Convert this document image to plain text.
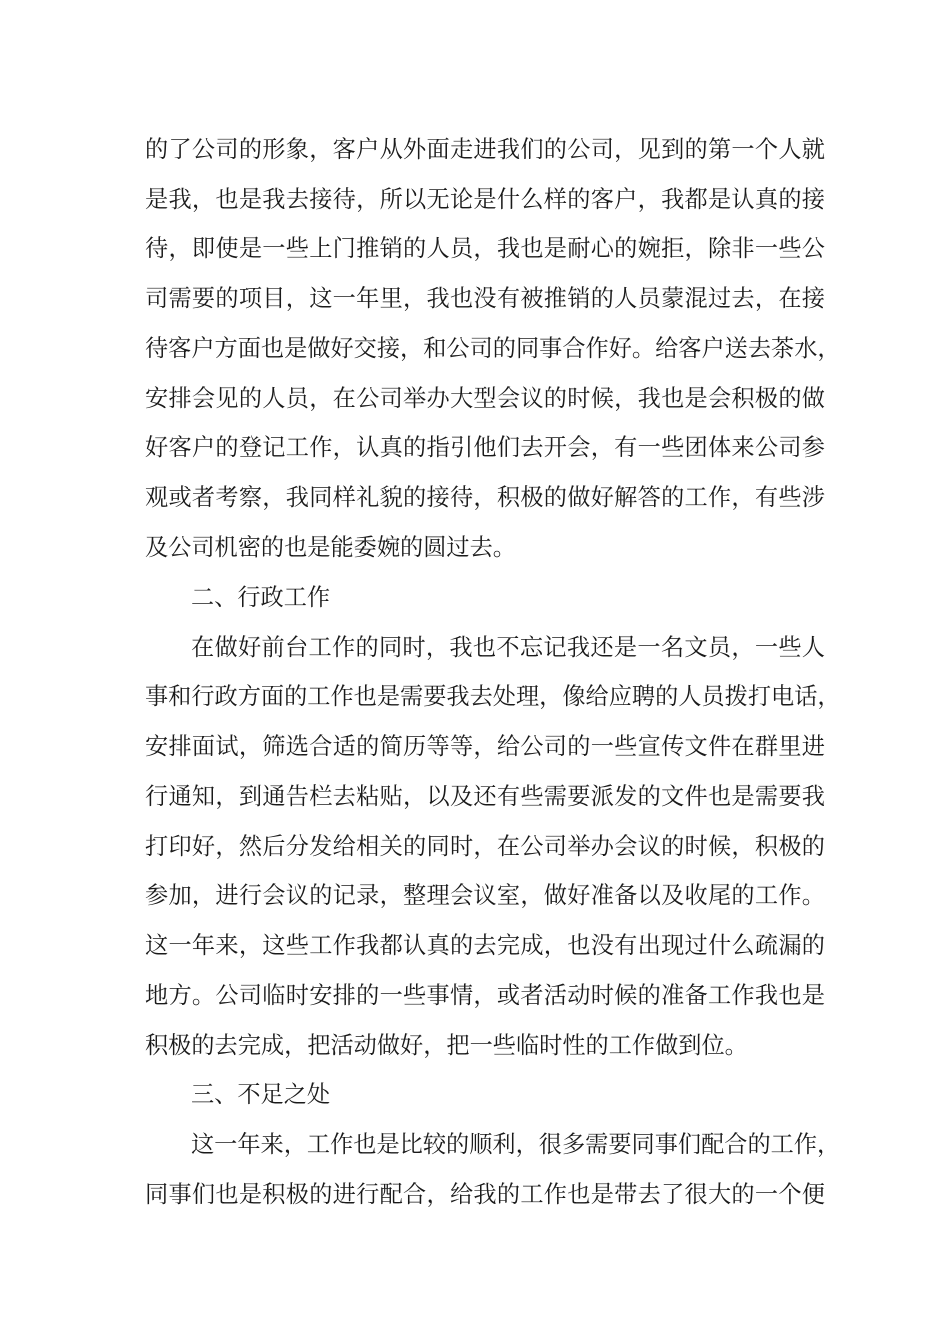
的了公司的形象，客户从外面走进我们的公司，见到的第一个人就
是我，也是我去接待，所以无论是什么样的客户，我都是认真的接
待，即使是一些上门推销的人员，我也是耐心的婉拒，除非一些公
司需要的项目，这一年里，我也没有被推销的人员蒙混过去，在接
待客户方面也是做好交接，和公司的同事合作好。给客户送去茶水，
安排会见的人员，在公司举办大型会议的时候，我也是会积极的做
好客户的登记工作，认真的指引他们去开会，有一些团体来公司参
观或者考察，我同样礼貌的接待，积极的做好解答的工作，有些涉
及公司机密的也是能委婉的圆过去。
二、行政工作
在做好前台工作的同时，我也不忘记我还是一名文员，一些人
事和行政方面的工作也是需要我去处理，像给应聘的人员拨打电话，
安排面试，筛选合适的简历等等，给公司的一些宣传文件在群里进
行通知，到通告栏去粘贴，以及还有些需要派发的文件也是需要我
打印好，然后分发给相关的同时，在公司举办会议的时候，积极的
参加，进行会议的记录，整理会议室，做好准备以及收尾的工作。
这一年来，这些工作我都认真的去完成，也没有出现过什么疏漏的
地方。公司临时安排的一些事情，或者活动时候的准备工作我也是
积极的去完成，把活动做好，把一些临时性的工作做到位。
三、不足之处
这一年来，工作也是比较的顺利，很多需要同事们配合的工作，
同事们也是积极的进行配合，给我的工作也是带去了很大的一个便
